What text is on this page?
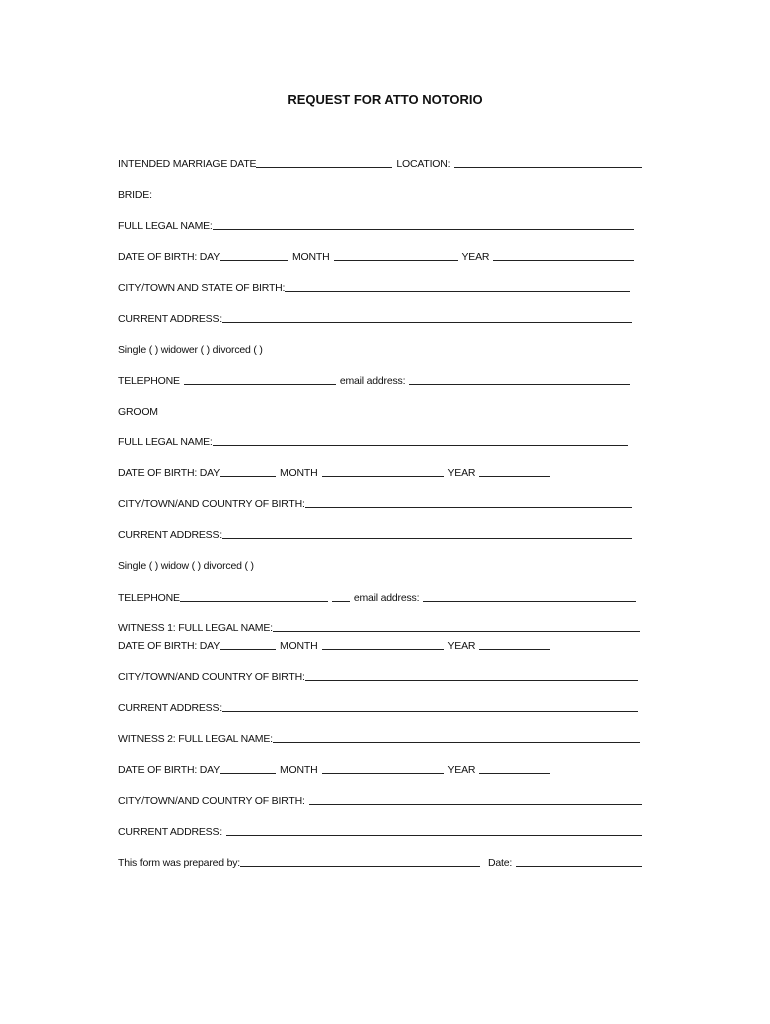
REQUEST FOR ATTO NOTORIO
INTENDED MARRIAGE DATE	LOCATION:
BRIDE:
FULL LEGAL NAME:
DATE OF BIRTH: DAY	MONTH	YEAR
CITY/TOWN AND STATE OF BIRTH:
CURRENT ADDRESS:
Single ( ) widower ( ) divorced ( )
TELEPHONE	email address:
GROOM
FULL LEGAL NAME:
DATE OF BIRTH: DAY	MONTH	YEAR
CITY/TOWN/AND COUNTRY OF BIRTH:
CURRENT ADDRESS:
Single ( ) widow ( ) divorced ( )
TELEPHONE	email address:
WITNESS 1: FULL LEGAL NAME:
DATE OF BIRTH: DAY	MONTH	YEAR
CITY/TOWN/AND COUNTRY OF BIRTH:
CURRENT ADDRESS:
WITNESS 2: FULL LEGAL NAME:
DATE OF BIRTH: DAY	MONTH	YEAR
CITY/TOWN/AND COUNTRY OF BIRTH:
CURRENT ADDRESS:
This form was prepared by:	Date:
